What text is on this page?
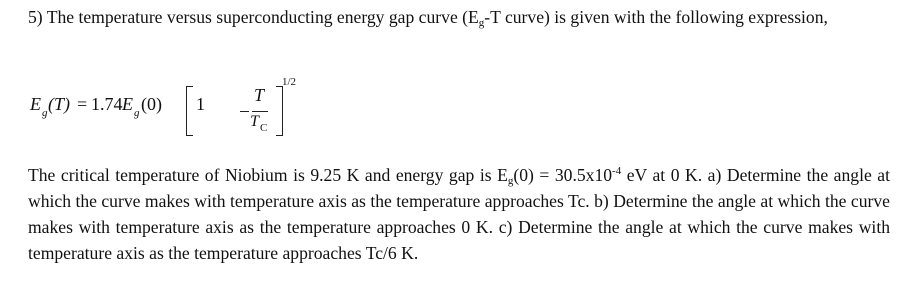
5) The temperature versus superconducting energy gap curve ($E_g-T$ curve) is given with the following expression,

E g (T) = 1.74 E g (0) 1	T
T C
1/2

The critical temperature of Niobium is 9.25 K and energy gap is $E_g(0) = 30.5x10^{-4}$ eV at 0 K. a) Determine the angle at which the curve makes with temperature axis as the temperature approaches Tc. b) Determine the angle at which the curve makes with temperature axis as the temperature approaches 0 K. c) Determine the angle at which the curve makes with temperature axis as the temperature approaches Tc/6 K.
